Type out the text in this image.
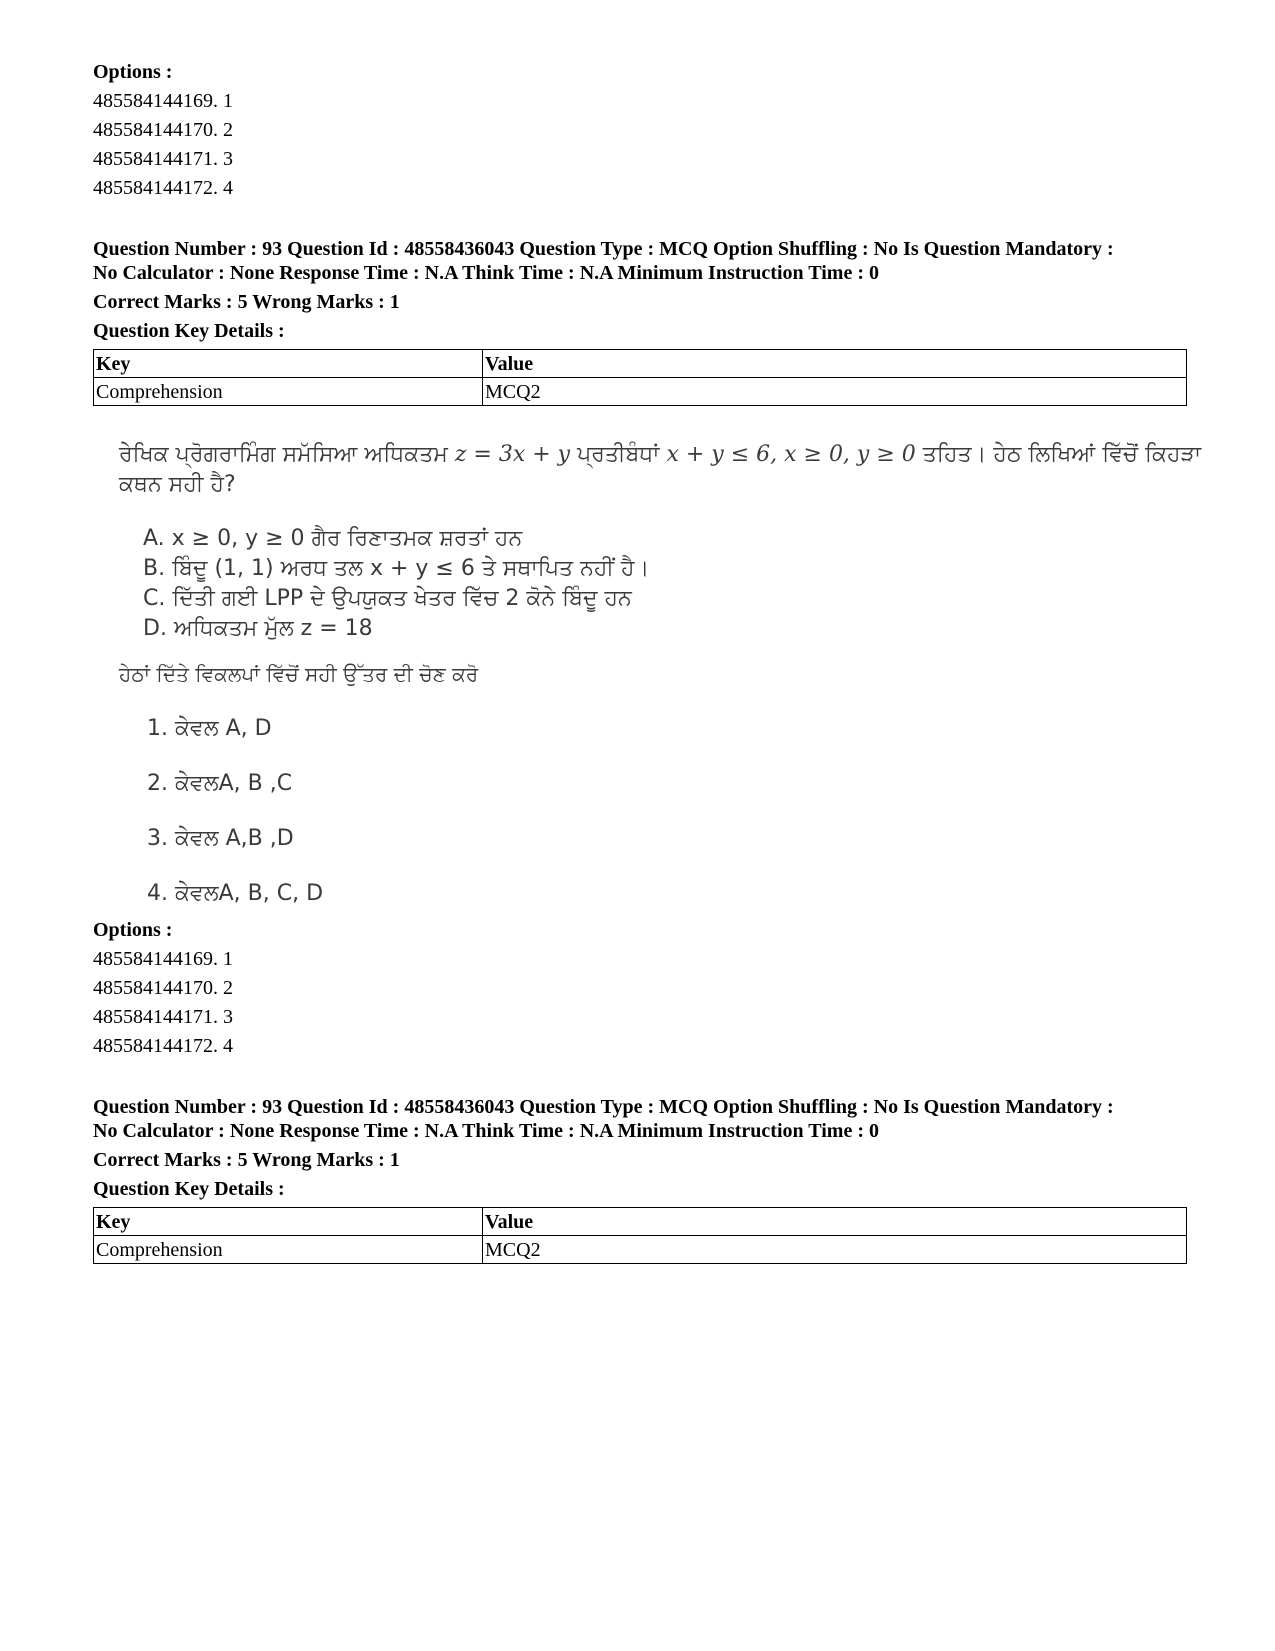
Options :
485584144169. 1
485584144170. 2
485584144171. 3
485584144172. 4
Question Number : 93 Question Id : 48558436043 Question Type : MCQ Option Shuffling : No Is Question Mandatory :
No Calculator : None Response Time : N.A Think Time : N.A Minimum Instruction Time : 0
Correct Marks : 5 Wrong Marks : 1
Question Key Details :
Key	Value
Comprehension	MCQ2
ਰੇਖਿਕ ਪ੍ਰੋਗਰਾਮਿੰਗ ਸਮੱਸਿਆ ਅਧਿਕਤਮ z = 3x + y ਪ੍ਰਤੀਬੰਧਾਂ x + y ≤ 6, x ≥ 0, y ≥ 0 ਤਹਿਤ। ਹੇਠ ਲਿਖਿਆਂ ਵਿੱਚੋਂ ਕਿਹੜਾ
ਕਥਨ ਸਹੀ ਹੈ?
A. x ≥ 0, y ≥ 0 ਗੈਰ ਰਿਣਾਤਮਕ ਸ਼ਰਤਾਂ ਹਨ
B. ਬਿੰਦੂ (1, 1) ਅਰਧ ਤਲ x + y ≤ 6 ਤੇ ਸਥਾਪਿਤ ਨਹੀਂ ਹੈ।
C. ਦਿੱਤੀ ਗਈ LPP ਦੇ ਉਪਯੁਕਤ ਖੇਤਰ ਵਿੱਚ 2 ਕੋਨੇ ਬਿੰਦੂ ਹਨ
D. ਅਧਿਕਤਮ ਮੁੱਲ z = 18
ਹੇਠਾਂ ਦਿੱਤੇ ਵਿਕਲਪਾਂ ਵਿੱਚੋਂ ਸਹੀ ਉੱਤਰ ਦੀ ਚੋਣ ਕਰੋ
1. ਕੇਵਲ A, D
2. ਕੇਵਲA, B ,C
3. ਕੇਵਲ A,B ,D
4. ਕੇਵਲA, B, C, D
Options :
485584144169. 1
485584144170. 2
485584144171. 3
485584144172. 4
Question Number : 93 Question Id : 48558436043 Question Type : MCQ Option Shuffling : No Is Question Mandatory :
No Calculator : None Response Time : N.A Think Time : N.A Minimum Instruction Time : 0
Correct Marks : 5 Wrong Marks : 1
Question Key Details :
Key	Value
Comprehension	MCQ2
